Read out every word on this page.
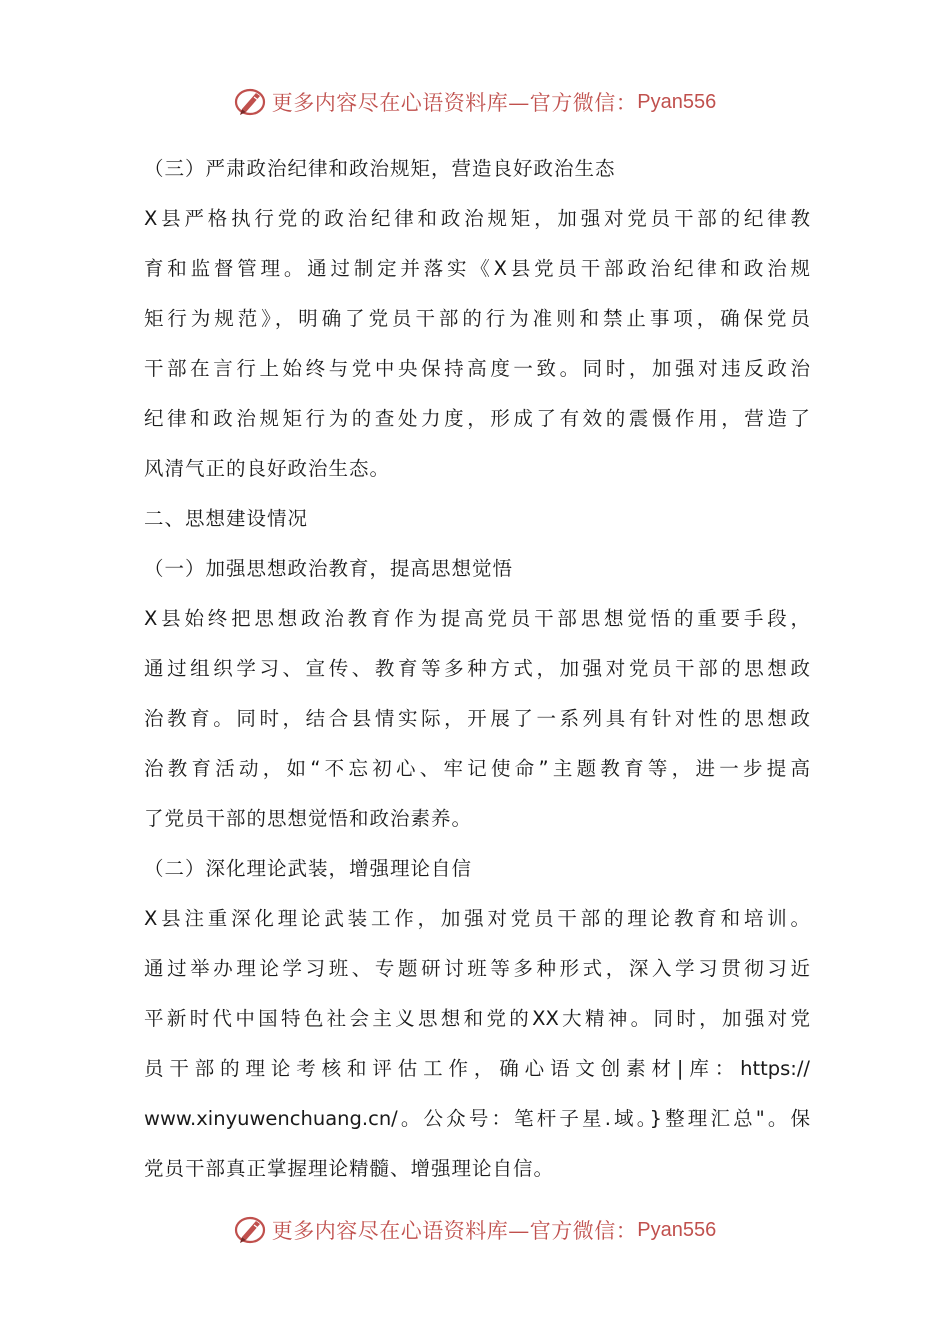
更多内容尽在心语资料库—官方微信： Pyan556
（三）严肃政治纪律和政治规矩，营造良好政治生态
X县严格执行党的政治纪律和政治规矩，加强对党员干部的纪律教
育和监督管理。通过制定并落实《X县党员干部政治纪律和政治规
矩行为规范》，明确了党员干部的行为准则和禁止事项，确保党员
干部在言行上始终与党中央保持高度一致。同时，加强对违反政治
纪律和政治规矩行为的查处力度，形成了有效的震慑作用，营造了
风清气正的良好政治生态。
二、思想建设情况
（一）加强思想政治教育，提高思想觉悟
X县始终把思想政治教育作为提高党员干部思想觉悟的重要手段，
通过组织学习、宣传、教育等多种方式，加强对党员干部的思想政
治教育。同时，结合县情实际，开展了一系列具有针对性的思想政
治教育活动，如“不忘初心、牢记使命”主题教育等，进一步提高
了党员干部的思想觉悟和政治素养。
（二）深化理论武装，增强理论自信
X县注重深化理论武装工作，加强对党员干部的理论教育和培训。
通过举办理论学习班、专题研讨班等多种形式，深入学习贯彻习近
平新时代中国特色社会主义思想和党的XX大精神。同时，加强对党
员干部的理论考核和评估工作，确心语文创素材|库：https://
www.xinyuwenchuang.cn/。公众号：笔杆子星.域。}整理汇总"。保
党员干部真正掌握理论精髓、增强理论自信。
更多内容尽在心语资料库—官方微信： Pyan556
